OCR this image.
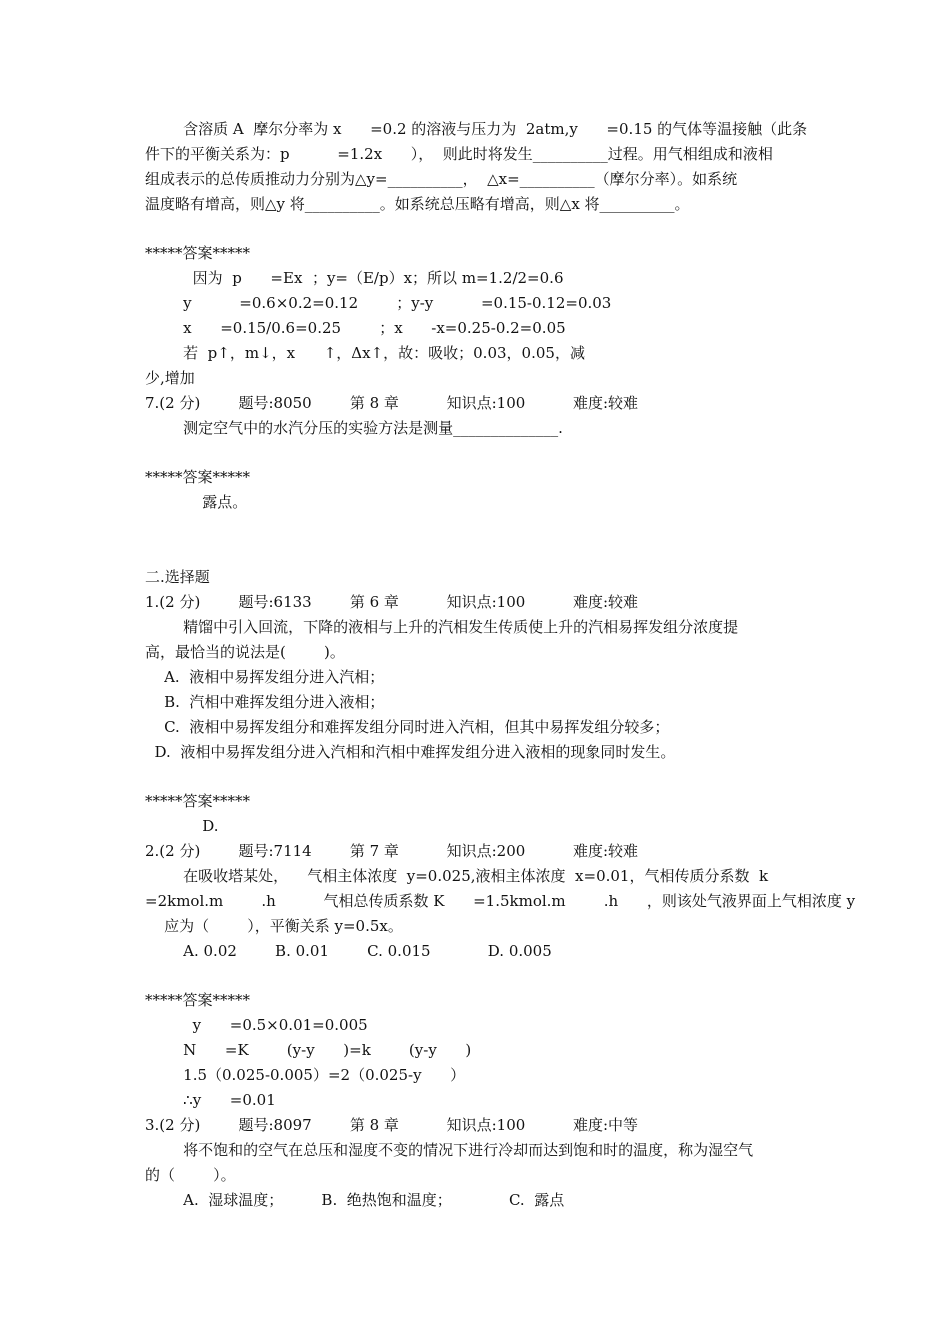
含溶质 A  摩尔分率为 x      =0.2 的溶液与压力为  2atm,y      =0.15 的气体等温接触（此条
件下的平衡关系为：p          =1.2x      ），  则此时将发生__________过程。用气相组成和液相
组成表示的总传质推动力分别为△y=__________，  △x=__________（摩尔分率）。如系统
温度略有增高，则△y 将__________。如系统总压略有增高，则△x 将__________。
*****答案*****
因为  p      =Ex  ；y=（E/p）x；所以 m=1.2/2=0.6
y          =0.6×0.2=0.12        ；y-y          =0.15-0.12=0.03
x      =0.15/0.6=0.25        ；x      -x=0.25-0.2=0.05
若  p↑，m↓，x      ↑，Δx↑，故：吸收；0.03，0.05，减
少,增加
7.(2 分)        题号:8050        第 8 章          知识点:100          难度:较难
测定空气中的水汽分压的实验方法是测量______________.
*****答案*****
露点。
二.选择题
1.(2 分)        题号:6133        第 6 章          知识点:100          难度:较难
精馏中引入回流，下降的液相与上升的汽相发生传质使上升的汽相易挥发组分浓度提
高，最恰当的说法是(        )。
A.  液相中易挥发组分进入汽相；
B.  汽相中难挥发组分进入液相；
C.  液相中易挥发组分和难挥发组分同时进入汽相，但其中易挥发组分较多；
D.  液相中易挥发组分进入汽相和汽相中难挥发组分进入液相的现象同时发生。
*****答案*****
D.
2.(2 分)        题号:7114        第 7 章          知识点:200          难度:较难
在吸收塔某处，    气相主体浓度  y=0.025,液相主体浓度  x=0.01，气相传质分系数  k
=2kmol.m        .h          气相总传质系数 K      =1.5kmol.m        .h      ，则该处气液界面上气相浓度 y
应为（        ），平衡关系 y=0.5x。
A. 0.02        B. 0.01        C. 0.015            D. 0.005
*****答案*****
y      =0.5×0.01=0.005
N      =K        (y-y      )=k        (y-y      )
1.5（0.025-0.005）=2（0.025-y      ）
∴y      =0.01
3.(2 分)        题号:8097        第 8 章          知识点:100          难度:中等
将不饱和的空气在总压和湿度不变的情况下进行冷却而达到饱和时的温度，称为湿空气
的（        ）。
A.  湿球温度；        B.  绝热饱和温度；            C.  露点
